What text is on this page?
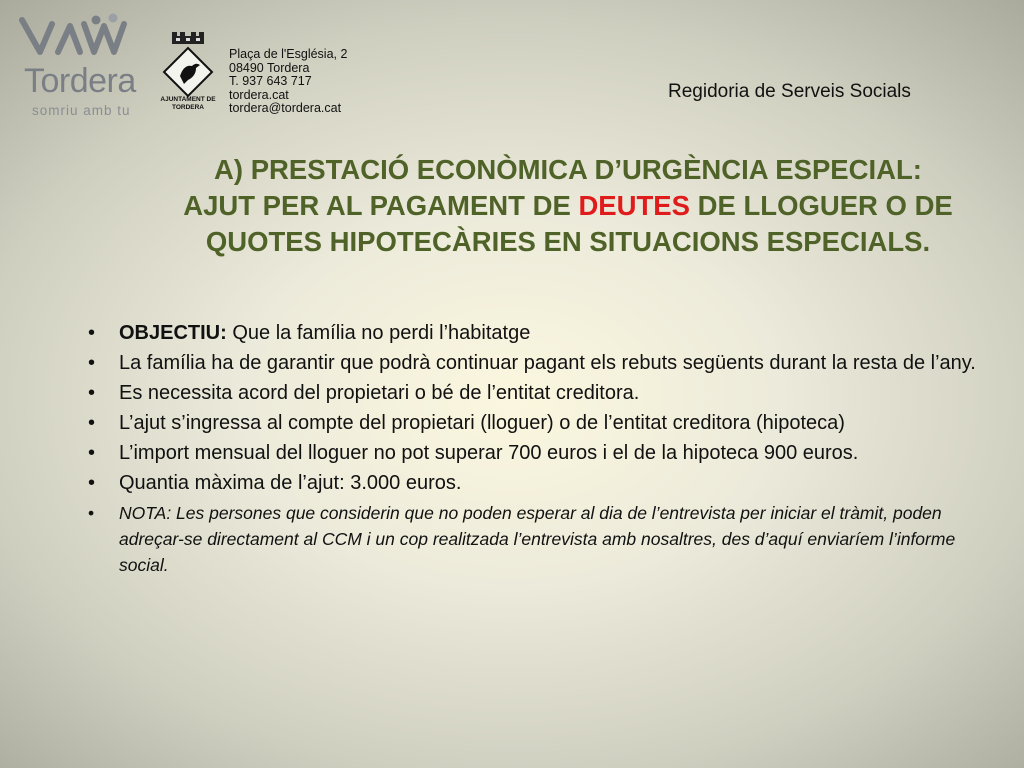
Tordera
somriu amb tu
AJUNTAMENT DE TORDERA
Plaça de l'Església, 2
08490 Tordera
T. 937 643 717
tordera.cat
tordera@tordera.cat
Regidoria de Serveis Socials
A) PRESTACIÓ ECONÒMICA D’URGÈNCIA ESPECIAL:
AJUT PER AL PAGAMENT DE DEUTES DE LLOGUER O DE
QUOTES HIPOTECÀRIES EN SITUACIONS ESPECIALS.
• OBJECTIU: Que la família no perdi l’habitatge
• La família ha de garantir que podrà continuar pagant els rebuts següents durant la resta de l’any.
• Es necessita acord del propietari o bé de l’entitat creditora.
• L’ajut s’ingressa al compte del propietari (lloguer) o de l’entitat creditora (hipoteca)
• L’import mensual del lloguer no pot superar 700 euros i el de la hipoteca 900 euros.
• Quantia màxima de l’ajut: 3.000 euros.
• NOTA: Les persones que considerin que no poden esperar al dia de l’entrevista per iniciar el tràmit, poden adreçar-se directament al CCM i un cop realitzada l’entrevista amb nosaltres, des d’aquí enviaríem l’informe social.
